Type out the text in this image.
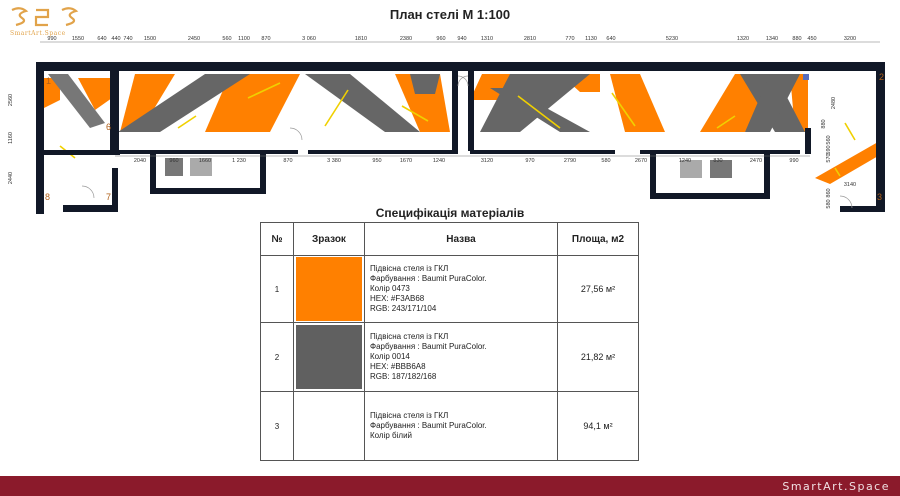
SmartArt.Space
План стелі М 1:100
990	1550 640 440 740 1500	2450	560 1100 870	3 060	1810	2380	960 940	1310	2810	770 1130 640	5230	1320	1340	880 450	3200
2040	960	1660	1 230	870	3 380	950	1670	1240	3120	970	2790	580	2670	1240	830	2470	990
2560
1160
2440
2480
880
560
590
570
3140
860
580
1	2
3
6
7
8
Специфікація матеріалів
№	Зразок	Назва	Площа, м2
1		Підвісна стеля із ГКЛ
Фарбування : Baumit PuraColor.
Колір 0473
HEX: #F3AB68
RGB: 243/171/104	27,56 м²
2		Підвісна стеля із ГКЛ
Фарбування : Baumit PuraColor.
Колір 0014
HEX: #BBB6A8
RGB: 187/182/168	21,82 м²
3		Підвісна стеля із ГКЛ
Фарбування : Baumit PuraColor.
Колір білий	94,1 м²
SmartArt.Space
